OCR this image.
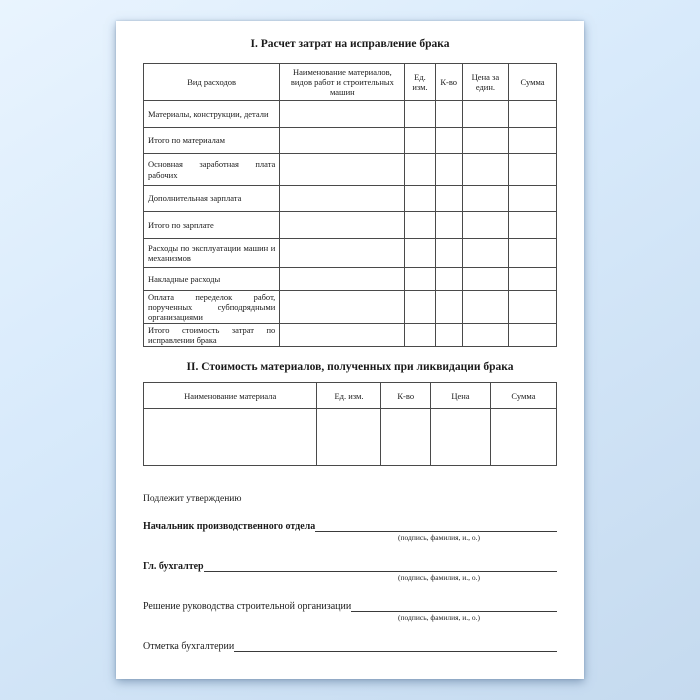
I. Расчет затрат на исправление брака
Вид расходов	Наименование материалов, видов работ и строительных машин	Ед. изм.	К-во	Цена за един.	Сумма
Материалы, конструкции, детали					
Итого по материалам					
Основная заработная плата рабочих					
Дополнительная зарплата					
Итого по зарплате					
Расходы по эксплуатации машин и механизмов					
Накладные расходы					
Оплата переделок работ, порученных субподрядными организациями					
Итого стоимость затрат по исправлении брака					
II. Стоимость материалов, полученных при ликвидации брака
Наименование материала	Ед. изм.	К-во	Цена	Сумма

Подлежит утверждению

Начальник производственного отдела
(подпись, фамилия, и., о.)
Гл. бухгалтер
(подпись, фамилия, и., о.)
Решение руководства строительной организации
(подпись, фамилия, и., о.)
Отметка бухгалтерии
